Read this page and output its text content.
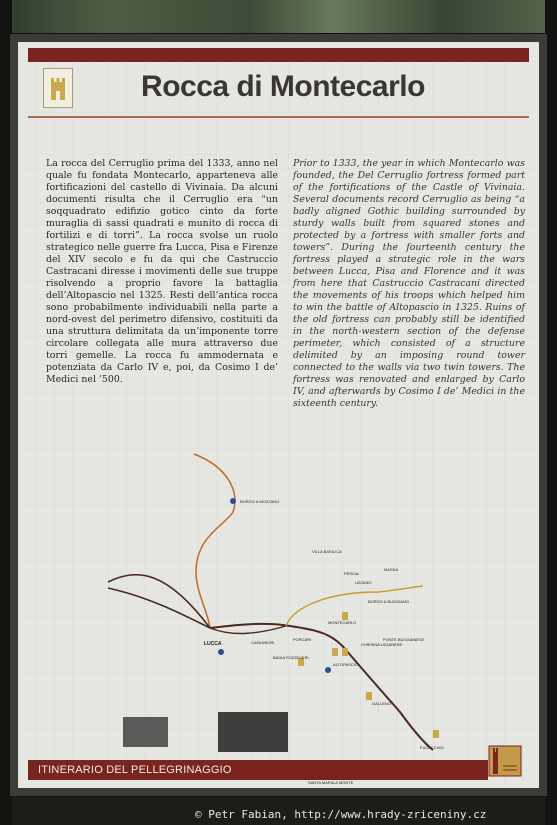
Rocca di Montecarlo

La rocca del Cerruglio prima del 1333, anno nel quale fu fondata Montecarlo, apparteneva alle fortificazioni del castello di Vivinaia. Da alcuni documenti risulta che il Cerruglio era “un soqquadrato edifizio gotico cinto da forte muraglia di sassi quadrati e munito di rocca di fortilizi e di torri”. La rocca svolse un ruolo strategico nelle guerre fra Lucca, Pisa e Firenze del XIV secolo e fu da qui che Castruccio Castracani diresse i movimenti delle sue truppe risolvendo a proprio favore la battaglia dell’Altopascio nel 1325. Resti dell’antica rocca sono probabilmente individuabili nella parte a nord-ovest del perimetro difensivo, costituiti da una struttura delimitata da un’imponente torre circolare collegata alle mura attraverso due torri gemelle. La rocca fu ammodernata e potenziata da Carlo IV e, poi, da Cosimo I de’ Medici nel ’500.

Prior to 1333, the year in which Montecarlo was founded, the Del Cerruglio fortress formed part of the fortifications of the Castle of Vivinaia. Several documents record Cerruglio as being “a badly aligned Gothic building surrounded by sturdy walls built from squared stones and protected by a fortress with smaller forts and towers”. During the fourteenth century the fortress played a strategic role in the wars between Lucca, Pisa and Florence and it was from here that Castruccio Castracani directed the movements of his troops which helped him to win the battle of Altopascio in 1325. Ruins of the old fortress can probably still be identified in the north-western section of the defense perimeter, which consisted of a structure delimited by an imposing round tower connected to the walls via two twin towers. The fortress was renovated and enlarged by Carlo IV, and afterwards by Cosimo I de’ Medici in the sixteenth century.

BORGO A MOZZANO
VILLA BASILICA
PESCIA
UZZANO
MASSA
BORGO A BUGGIANO
LUCCA	CAPANNORI
PORCARI
MONTECARLO
BADIA POZZEVERI
ALTOPASCIO
CHIESINA UZZANESE
PONTE BUGGIANESE
GALLENO
FUCECCHIO
SANTA MARIA A MONTE
ITINERARIO DEL PELLEGRINAGGIO
© Petr Fabian, http://www.hrady-zriceniny.cz
